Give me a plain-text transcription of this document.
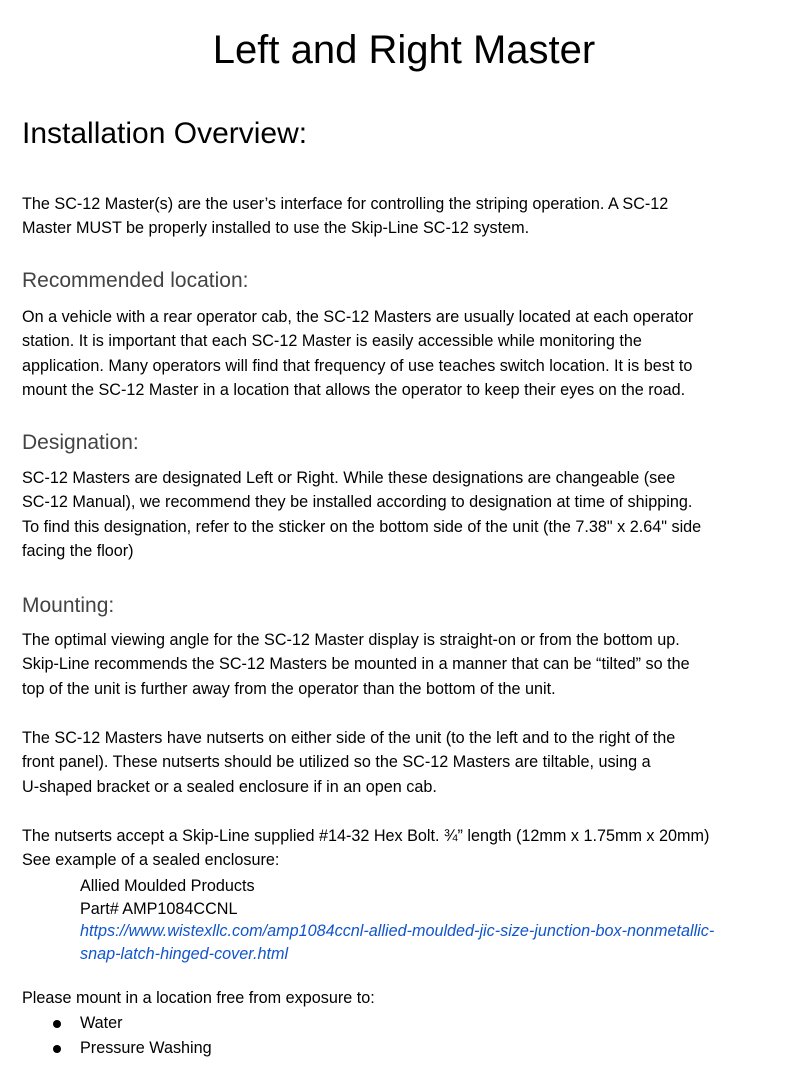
Left and Right Master
Installation Overview:

The SC-12 Master(s) are the user’s interface for controlling the striping operation. A SC-12
Master MUST be properly installed to use the Skip-Line SC-12 system.

Recommended location:

On a vehicle with a rear operator cab, the SC-12 Masters are usually located at each operator
station. It is important that each SC-12 Master is easily accessible while monitoring the
application. Many operators will find that frequency of use teaches switch location. It is best to
mount the SC-12 Master in a location that allows the operator to keep their eyes on the road.

Designation:

SC-12 Masters are designated Left or Right. While these designations are changeable (see
SC-12 Manual), we recommend they be installed according to designation at time of shipping.
To find this designation, refer to the sticker on the bottom side of the unit (the 7.38" x 2.64" side
facing the floor)

Mounting:

The optimal viewing angle for the SC-12 Master display is straight-on or from the bottom up.
Skip-Line recommends the SC-12 Masters be mounted in a manner that can be “tilted” so the
top of the unit is further away from the operator than the bottom of the unit.

The SC-12 Masters have nutserts on either side of the unit (to the left and to the right of the
front panel). These nutserts should be utilized so the SC-12 Masters are tiltable, using a
U-shaped bracket or a sealed enclosure if in an open cab.

The nutserts accept a Skip-Line supplied #14-32 Hex Bolt. ¾” length (12mm x 1.75mm x 20mm)
See example of a sealed enclosure:

Allied Moulded Products
Part# AMP1084CCNL
https://www.wistexllc.com/amp1084ccnl-allied-moulded-jic-size-junction-box-nonmetallic-
snap-latch-hinged-cover.html

Please mount in a location free from exposure to:

Water
Pressure Washing
